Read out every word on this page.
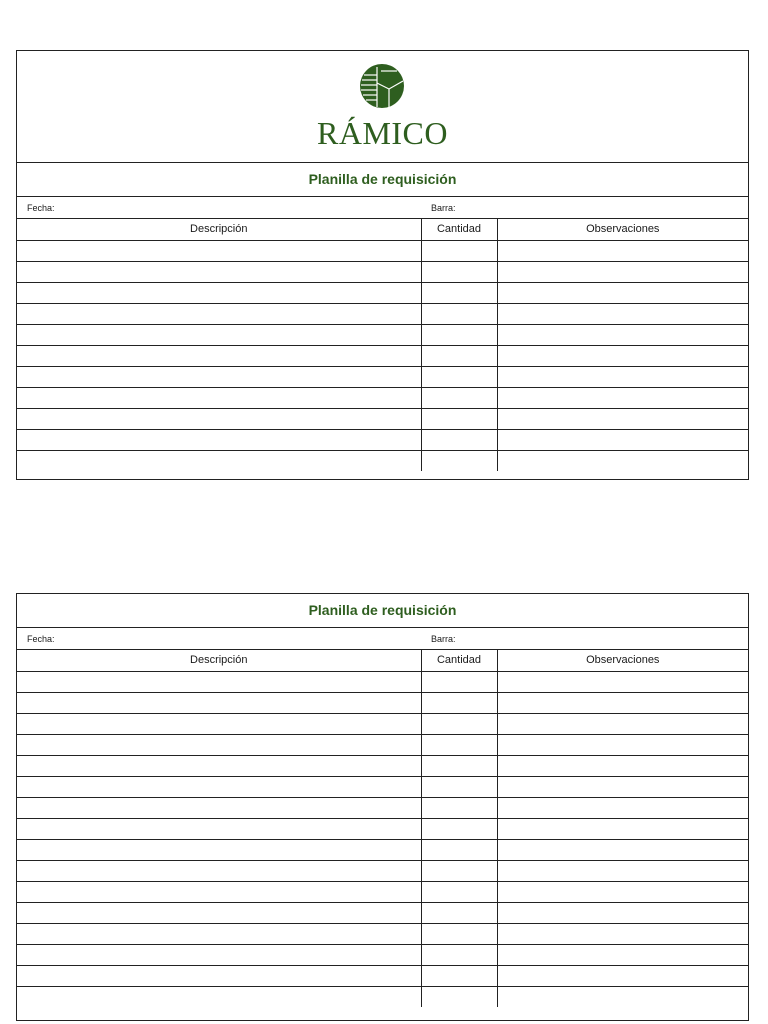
RÁMICO
Planilla de requisición
Fecha:	Barra:
Descripción	Cantidad	Observaciones

Planilla de requisición
Fecha:	Barra:
Descripción	Cantidad	Observaciones
